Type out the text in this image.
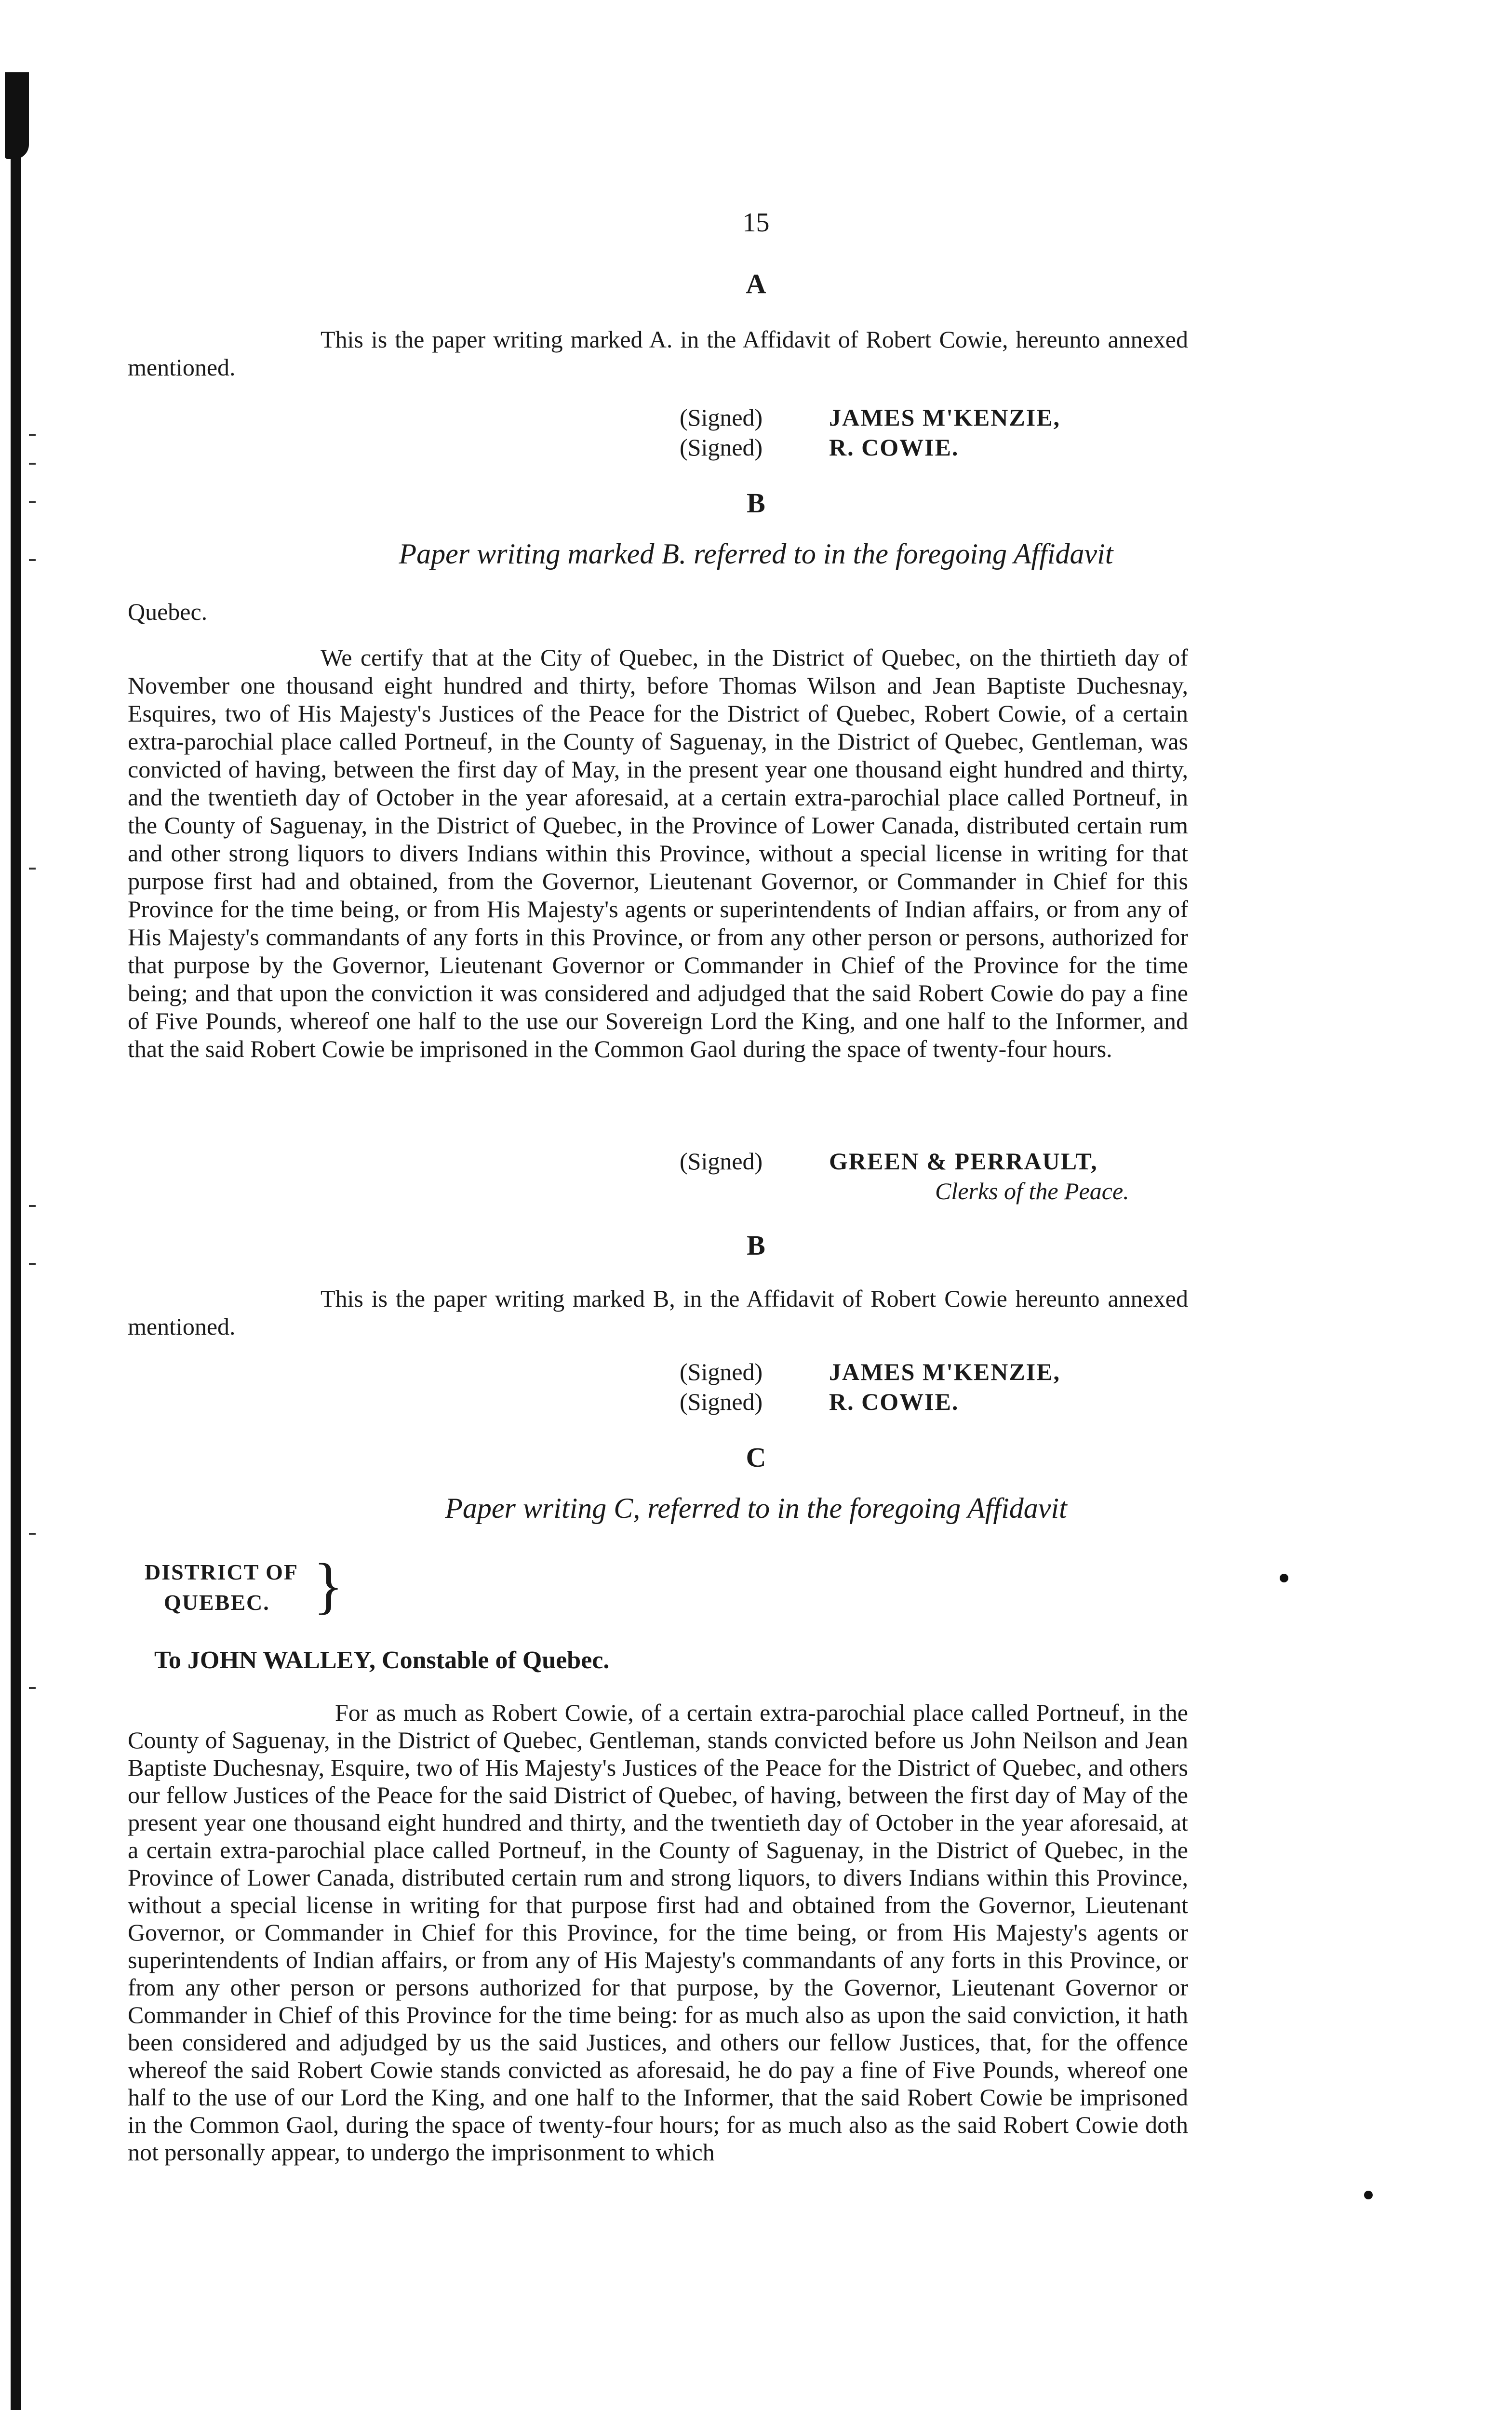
15
A
This is the paper writing marked A. in the Affidavit of Robert Cowie, hereunto annexed mentioned.
(Signed)	JAMES M'KENZIE,
(Signed)	R. COWIE.
B
Paper writing marked B. referred to in the foregoing Affidavit
Quebec.
We certify that at the City of Quebec, in the District of Quebec, on the thirtieth day of November one thousand eight hundred and thirty, before Thomas Wilson and Jean Baptiste Duchesnay, Esquires, two of His Majesty's Justices of the Peace for the District of Quebec, Robert Cowie, of a certain extra-parochial place called Portneuf, in the County of Saguenay, in the District of Quebec, Gentleman, was convicted of having, between the first day of May, in the present year one thousand eight hundred and thirty, and the twentieth day of October in the year aforesaid, at a certain extra-parochial place called Portneuf, in the County of Saguenay, in the District of Quebec, in the Province of Lower Canada, distributed certain rum and other strong liquors to divers Indians within this Province, without a special license in writing for that purpose first had and obtained, from the Governor, Lieutenant Governor, or Commander in Chief for this Province for the time being, or from His Majesty's agents or superintendents of Indian affairs, or from any of His Majesty's commandants of any forts in this Province, or from any other person or persons, authorized for that purpose by the Governor, Lieutenant Governor or Commander in Chief of the Province for the time being; and that upon the conviction it was considered and adjudged that the said Robert Cowie do pay a fine of Five Pounds, whereof one half to the use our Sovereign Lord the King, and one half to the Informer, and that the said Robert Cowie be imprisoned in the Common Gaol during the space of twenty-four hours.
(Signed)	GREEN & PERRAULT,
Clerks of the Peace.
B
This is the paper writing marked B, in the Affidavit of Robert Cowie hereunto annexed mentioned.
(Signed)	JAMES M'KENZIE,
(Signed)	R. COWIE.
C
Paper writing C, referred to in the foregoing Affidavit
DISTRICT OF
QUEBEC. }
To JOHN WALLEY, Constable of Quebec.
For as much as Robert Cowie, of a certain extra-parochial place called Portneuf, in the County of Saguenay, in the District of Quebec, Gentleman, stands convicted before us John Neilson and Jean Baptiste Duchesnay, Esquire, two of His Majesty's Justices of the Peace for the District of Quebec, and others our fellow Justices of the Peace for the said District of Quebec, of having, between the first day of May of the present year one thousand eight hundred and thirty, and the twentieth day of October in the year aforesaid, at a certain extra-parochial place called Portneuf, in the County of Saguenay, in the District of Quebec, in the Province of Lower Canada, distributed certain rum and strong liquors, to divers Indians within this Province, without a special license in writing for that purpose first had and obtained from the Governor, Lieutenant Governor, or Commander in Chief for this Province, for the time being, or from His Majesty's agents or superintendents of Indian affairs, or from any of His Majesty's commandants of any forts in this Province, or from any other person or persons authorized for that purpose, by the Governor, Lieutenant Governor or Commander in Chief of this Province for the time being: for as much also as upon the said conviction, it hath been considered and adjudged by us the said Justices, and others our fellow Justices, that, for the offence whereof the said Robert Cowie stands convicted as aforesaid, he do pay a fine of Five Pounds, whereof one half to the use of our Lord the King, and one half to the Informer, that the said Robert Cowie be imprisoned in the Common Gaol, during the space of twenty-four hours; for as much also as the said Robert Cowie doth not personally appear, to undergo the imprisonment to which
